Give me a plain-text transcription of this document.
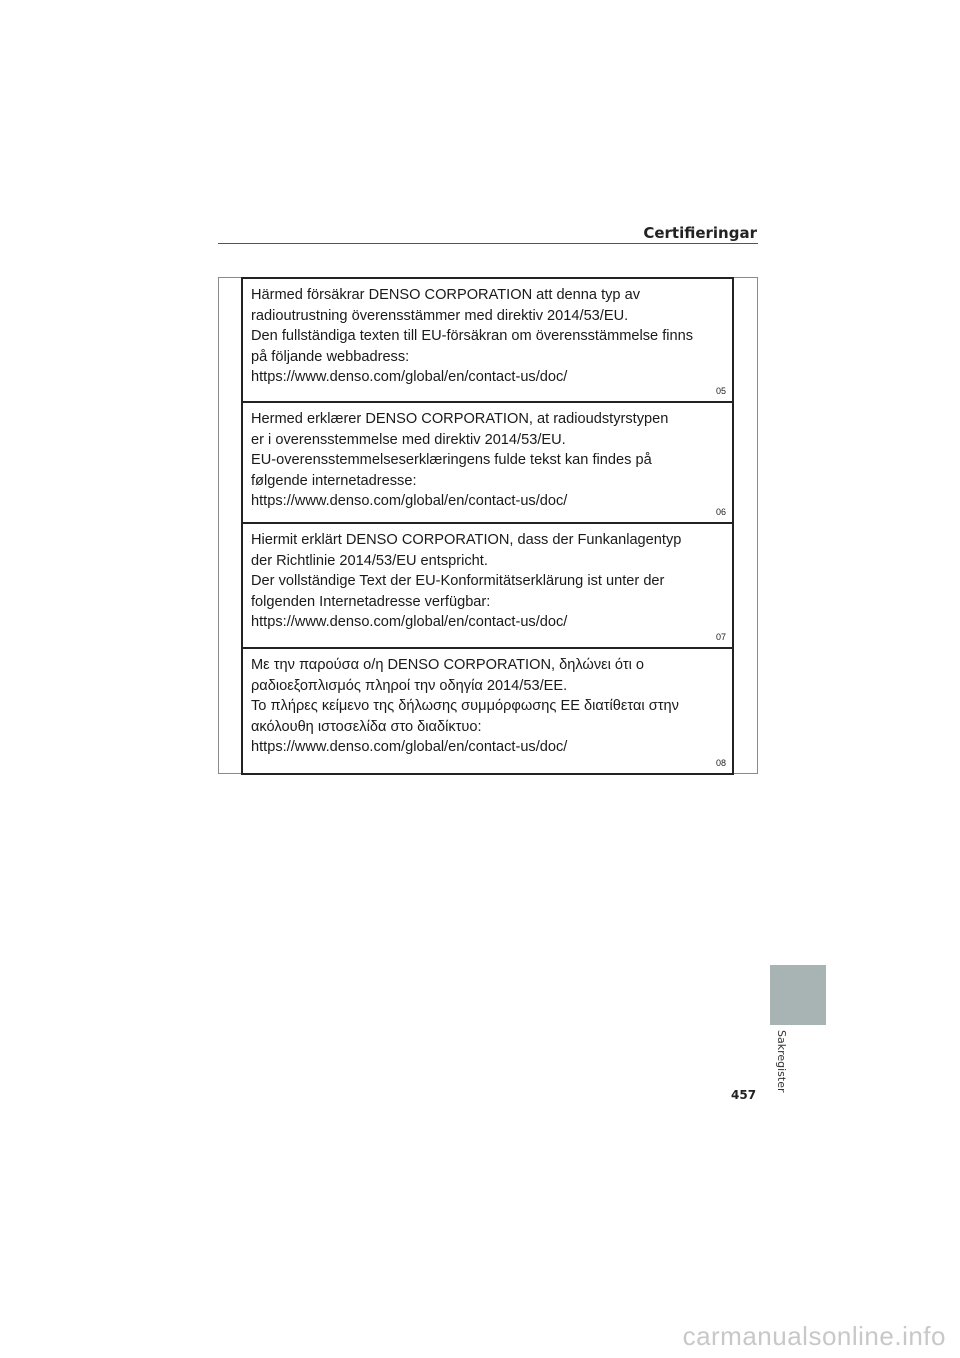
Certifieringar
Härmed försäkrar DENSO CORPORATION att denna typ av
radioutrustning överensstämmer med direktiv 2014/53/EU.
Den fullständiga texten till EU-försäkran om överensstämmelse finns
på följande webbadress:
https://www.denso.com/global/en/contact-us/doc/
05
Hermed erklærer DENSO CORPORATION, at radioudstyrstypen
er i overensstemmelse med direktiv 2014/53/EU.
EU-overensstemmelseserklæringens fulde tekst kan findes på
følgende internetadresse:
https://www.denso.com/global/en/contact-us/doc/
06
Hiermit erklärt DENSO CORPORATION, dass der Funkanlagentyp
der Richtlinie 2014/53/EU entspricht.
Der vollständige Text der EU-Konformitätserklärung ist unter der
folgenden Internetadresse verfügbar:
https://www.denso.com/global/en/contact-us/doc/
07
Με την παρούσα ο/η DENSO CORPORATION, δηλώνει ότι ο
ραδιοεξοπλισμός πληροί την οδηγία 2014/53/ΕΕ.
Το πλήρες κείμενο της δήλωσης συμμόρφωσης ΕΕ διατίθεται στην
ακόλουθη ιστοσελίδα στο διαδίκτυο:
https://www.denso.com/global/en/contact-us/doc/
08
Sakregister
457
carmanualsonline.info
